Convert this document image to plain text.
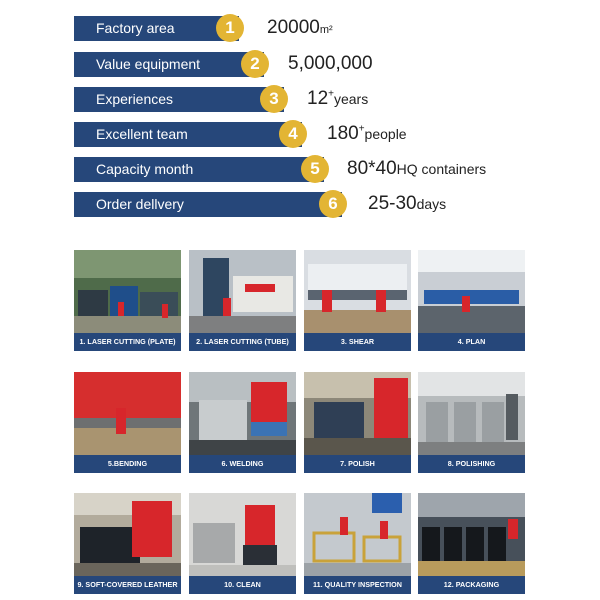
Factory area	1	20000m²
Value equipment	2	5,000,000
Experiences	3	12+years
Excellent team	4	180+people
Capacity month	5	80*40HQ containers
Order dellvery	6	25-30days
1. LASER CUTTING (PLATE)	2. LASER CUTTING (TUBE)	3. SHEAR	4. PLAN
5.BENDING	6. WELDING	7. POLISH	8. POLISHING
9. SOFT-COVERED LEATHER	10. CLEAN	11. QUALITY INSPECTION	12. PACKAGING
